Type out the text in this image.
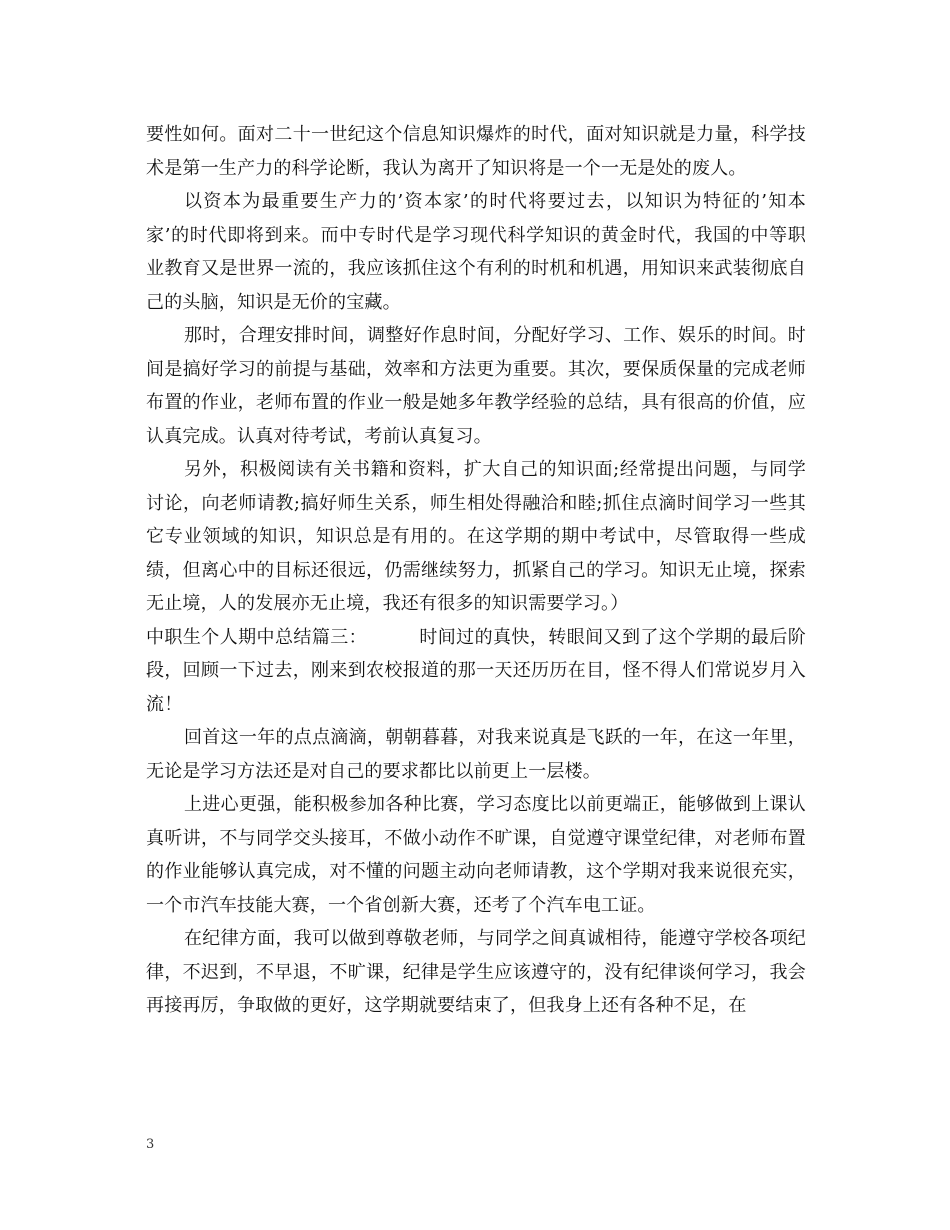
要性如何。面对二十一世纪这个信息知识爆炸的时代，面对知识就是力量，科学技术是第一生产力的科学论断，我认为离开了知识将是一个一无是处的废人。

以资本为最重要生产力的’资本家’的时代将要过去，以知识为特征的’知本家’的时代即将到来。而中专时代是学习现代科学知识的黄金时代，我国的中等职业教育又是世界一流的，我应该抓住这个有利的时机和机遇，用知识来武装彻底自己的头脑，知识是无价的宝藏。

那时，合理安排时间，调整好作息时间，分配好学习、工作、娱乐的时间。时间是搞好学习的前提与基础，效率和方法更为重要。其次，要保质保量的完成老师布置的作业，老师布置的作业一般是她多年教学经验的总结，具有很高的价值，应认真完成。认真对待考试，考前认真复习。

另外，积极阅读有关书籍和资料，扩大自己的知识面;经常提出问题，与同学讨论，向老师请教;搞好师生关系，师生相处得融洽和睦;抓住点滴时间学习一些其它专业领域的知识，知识总是有用的。在这学期的期中考试中，尽管取得一些成绩，但离心中的目标还很远，仍需继续努力，抓紧自己的学习。知识无止境，探索无止境，人的发展亦无止境，我还有很多的知识需要学习。）

中职生个人期中总结篇三：	时间过的真快，转眼间又到了这个学期的最后阶段，回顾一下过去，刚来到农校报道的那一天还历历在目，怪不得人们常说岁月入流！

回首这一年的点点滴滴，朝朝暮暮，对我来说真是飞跃的一年，在这一年里，无论是学习方法还是对自己的要求都比以前更上一层楼。

上进心更强，能积极参加各种比赛，学习态度比以前更端正，能够做到上课认真听讲，不与同学交头接耳，不做小动作不旷课，自觉遵守课堂纪律，对老师布置的作业能够认真完成，对不懂的问题主动向老师请教，这个学期对我来说很充实，一个市汽车技能大赛，一个省创新大赛，还考了个汽车电工证。

在纪律方面，我可以做到尊敬老师，与同学之间真诚相待，能遵守学校各项纪律，不迟到，不早退，不旷课，纪律是学生应该遵守的，没有纪律谈何学习，我会再接再厉，争取做的更好，这学期就要结束了，但我身上还有各种不足，在

3
